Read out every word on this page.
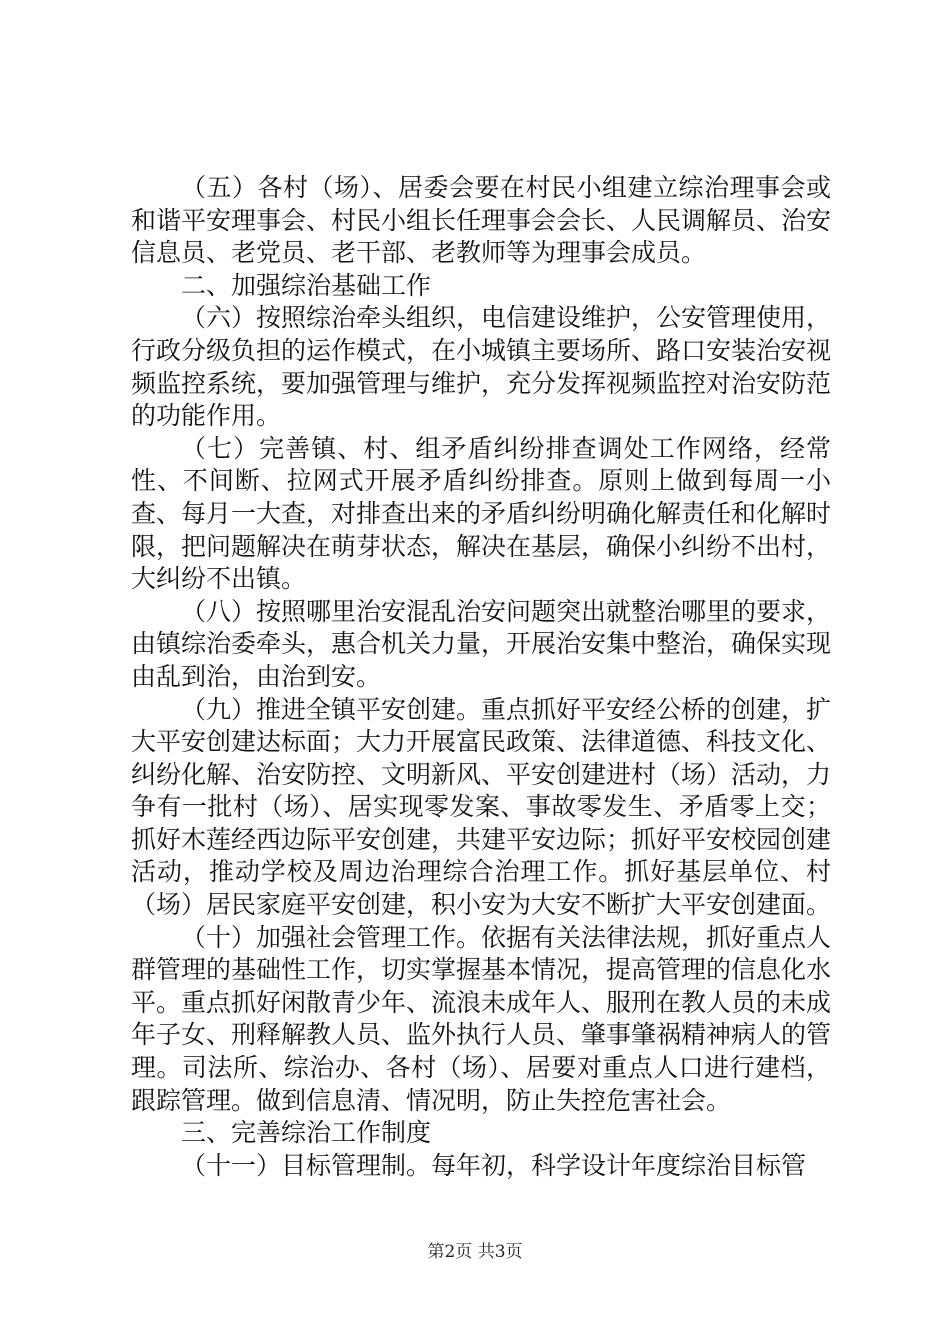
（五）各村（场）、居委会要在村民小组建立综治理事会或和谐平安理事会、村民小组长任理事会会长、人民调解员、治安信息员、老党员、老干部、老教师等为理事会成员。

二、加强综治基础工作

（六）按照综治牵头组织，电信建设维护，公安管理使用，行政分级负担的运作模式，在小城镇主要场所、路口安装治安视频监控系统，要加强管理与维护，充分发挥视频监控对治安防范的功能作用。

（七）完善镇、村、组矛盾纠纷排查调处工作网络，经常性、不间断、拉网式开展矛盾纠纷排查。原则上做到每周一小查、每月一大查，对排查出来的矛盾纠纷明确化解责任和化解时限，把问题解决在萌芽状态，解决在基层，确保小纠纷不出村，大纠纷不出镇。

（八）按照哪里治安混乱治安问题突出就整治哪里的要求，由镇综治委牵头，惠合机关力量，开展治安集中整治，确保实现由乱到治，由治到安。

（九）推进全镇平安创建。重点抓好平安经公桥的创建，扩大平安创建达标面；大力开展富民政策、法律道德、科技文化、纠纷化解、治安防控、文明新风、平安创建进村（场）活动，力争有一批村（场）、居实现零发案、事故零发生、矛盾零上交；抓好木莲经西边际平安创建，共建平安边际；抓好平安校园创建活动，推动学校及周边治理综合治理工作。抓好基层单位、村（场）居民家庭平安创建，积小安为大安不断扩大平安创建面。

（十）加强社会管理工作。依据有关法律法规，抓好重点人群管理的基础性工作，切实掌握基本情况，提高管理的信息化水平。重点抓好闲散青少年、流浪未成年人、服刑在教人员的未成年子女、刑释解教人员、监外执行人员、肇事肇祸精神病人的管理。司法所、综治办、各村（场）、居要对重点人口进行建档，跟踪管理。做到信息清、情况明，防止失控危害社会。

三、完善综治工作制度

（十一）目标管理制。每年初，科学设计年度综治目标管

第2页 共3页
